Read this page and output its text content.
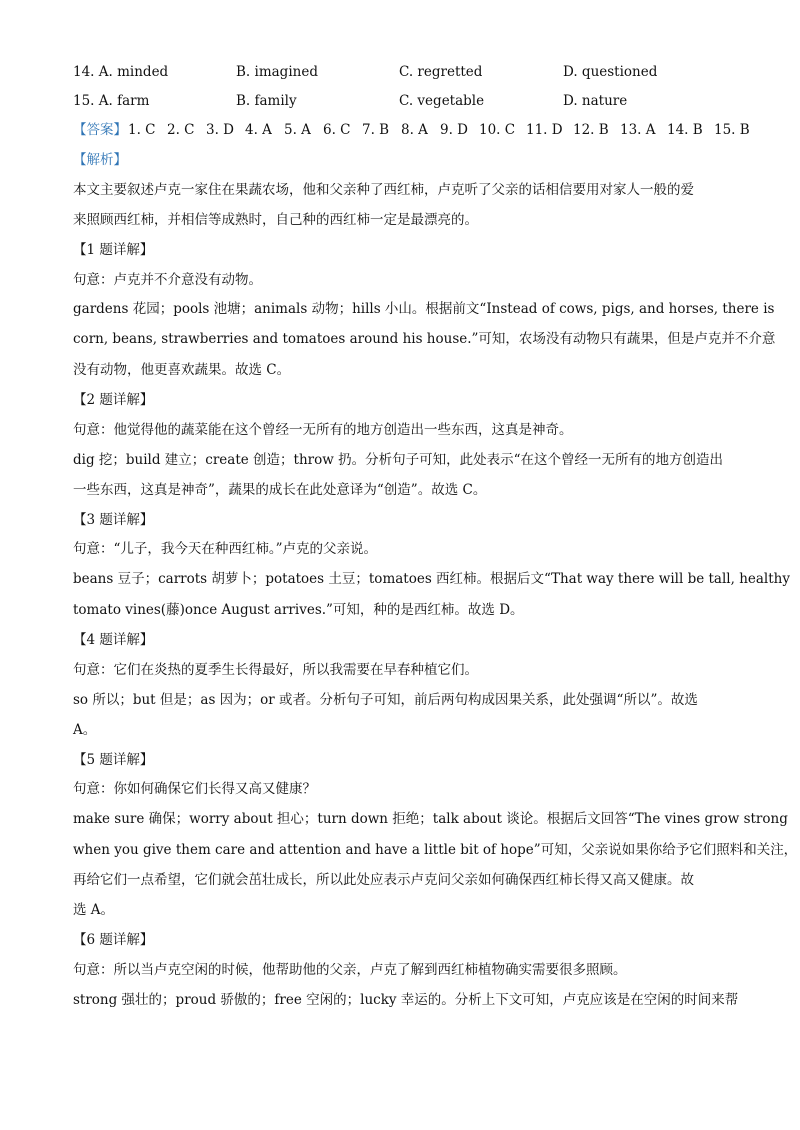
14. A. minded	B. imagined	C. regretted	D. questioned
15. A. farm	B. family	C. vegetable	D. nature
【答案】 1. C 2. C 3. D 4. A 5. A 6. C 7. B 8. A 9. D 10. C 11. D 12. B 13. A 14. B 15. B
【解析】
本文主要叙述卢克一家住在果蔬农场，他和父亲种了西红柿，卢克听了父亲的话相信要用对家人一般的爱
来照顾西红柿，并相信等成熟时，自己种的西红柿一定是最漂亮的。
【1 题详解】
句意：卢克并不介意没有动物。
gardens 花园；pools 池塘；animals 动物；hills 小山。根据前文“Instead of cows, pigs, and horses, there is
corn, beans, strawberries and tomatoes around his house.”可知，农场没有动物只有蔬果，但是卢克并不介意
没有动物，他更喜欢蔬果。故选 C。
【2 题详解】
句意：他觉得他的蔬菜能在这个曾经一无所有的地方创造出一些东西，这真是神奇。
dig 挖；build 建立；create 创造；throw 扔。分析句子可知，此处表示“在这个曾经一无所有的地方创造出
一些东西，这真是神奇”，蔬果的成长在此处意译为“创造”。故选 C。
【3 题详解】
句意：“儿子，我今天在种西红柿。”卢克的父亲说。
beans 豆子；carrots 胡萝卜；potatoes 土豆；tomatoes 西红柿。根据后文“That way there will be tall, healthy
tomato vines(藤)once August arrives.”可知，种的是西红柿。故选 D。
【4 题详解】
句意：它们在炎热的夏季生长得最好，所以我需要在早春种植它们。
so 所以；but 但是；as 因为；or 或者。分析句子可知，前后两句构成因果关系，此处强调“所以”。故选
A。
【5 题详解】
句意：你如何确保它们长得又高又健康？
make sure 确保；worry about 担心；turn down 拒绝；talk about 谈论。根据后文回答“The vines grow strong
when you give them care and attention and have a little bit of hope”可知，父亲说如果你给予它们照料和关注，
再给它们一点希望，它们就会茁壮成长，所以此处应表示卢克问父亲如何确保西红柿长得又高又健康。故
选 A。
【6 题详解】
句意：所以当卢克空闲的时候，他帮助他的父亲，卢克了解到西红柿植物确实需要很多照顾。
strong 强壮的；proud 骄傲的；free 空闲的；lucky 幸运的。分析上下文可知，卢克应该是在空闲的时间来帮
